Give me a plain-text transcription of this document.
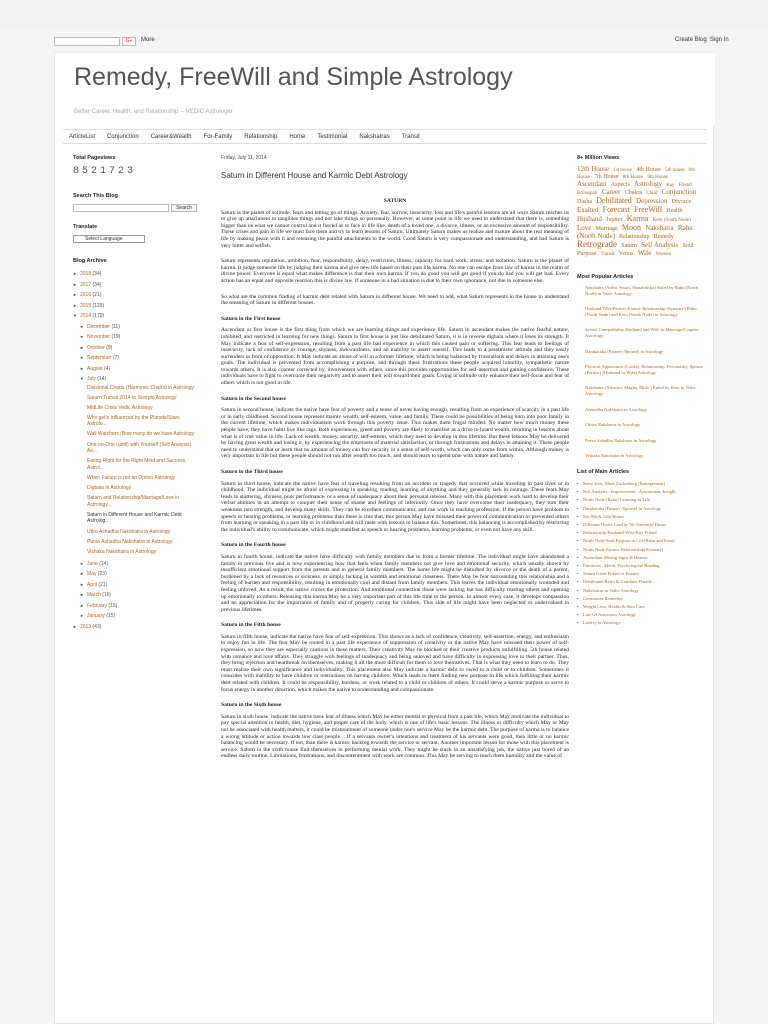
G+	More	Create Blog Sign In
Remedy, FreeWill and Simple Astrology
Better Career, Health, and Relationship -- VEDIC Astrologer
ArticleList	Conjunction	Career&Wealth	For-Family	Relationship	Home	Testimonial	Nakshatras	Transit
Total Pageviews
8521723
Search This Blog
Search
Translate
Select Language
Blog Archive
► 2018 (34)
► 2017 (34)
► 2016 (21)
► 2015 (129)
▼ 2014 (179)
► December (11)
► November (19)
► October (9)
► September (7)
► August (4)
▼ July (14)
Divisional Charts (Harmonic Charts) in Astrology
Saturn Transit 2014 to Scorpio Astrology
MidLife Crisis Vedic Astrology
Who get's Influenced by the Planets/Stars Astrolo...
Wall Watchers (Bow many do we have Astrology
One-on-One (until) with Yourself (Self Analysis) As...
Eating Right for the Right Mind and Success Astrol...
When Failure is not an Option Astrology
Digbala in Astrology
Saturn and Relationship/Marriage/Love in Astrology...
Saturn in Different House and Karmic Debt Astrolog...
Uttra Ashadha Nakshatra in Astrology
Purva Ashadha Nakshatra in Astrology
Vishaka Nakshatra in Astrology
► June (14)
► May (23)
► April (21)
► March (16)
► February (16)
► January (15)
► 2013 (43)
Friday, July 11, 2014
Saturn in Different House and Karmic Debt Astrology
SATURN

Saturn is the planet of solitude, fears and letting go of things. Anxiety, fear, sorrow, insecurity, loss and life's painful lessons are all ways Saturn teaches us to give up attachment to tangibles things and not take things so personally. However, at some point in life we need to understand that there is, something bigger than us what we cannot control and it forced us to face in life like, death of a loved one, a divorce, illness, or an excessive amount of responsibility. These crises and pain in life we must face them and try to learn lessons of Saturn. Ultimately Saturn makes us realize and mature about the real meaning of life by making peace with it and releasing the painful attachments to the world. Good Saturn is very compassionate and understanding, and bad Saturn is very bitter and selfish.

Saturn represents reputation, ambition, fear, responsibility, delay, restriction, illness, capacity for hard work, stress, and isolation. Saturn is the planet of karma. It judge someone life by judging their karma and give new life based on their past life karma. No one can escape from law of karma in the realm of divine power. Everyone is equal what makes difference is that their own karma. If you do good you will get good if you do bad you will get bad. Every action has an equal and opposite reaction this is divine law. If someone in a bad situation is due to their own ignorance, not due to someone else.

So what are the common finding of karmic debt related with Saturn in different house. We need to add, what Saturn represents in the house to understand the meaning of Saturn in different houses.

Saturn in the First house

Ascendant or first house is the first thing from which we are learning things and experience life. Saturn in ascendant makes the native fearful nature, inhibited, and restricted in learning for new things. Saturn in first house is just like debilitated Saturn, it is in reverse dighala where it loses its strength. It May indicate a fear of self-expression, resulting from a past life bad experience in which this caused pain or suffering. This fear leads to feelings of insecurity, lack of confidence or courage, shyness, awkwardness, and an inability to assert oneself. This leads to a pessimistic attitude and they easily surrenders in front of opposition. It May indicate an abuse of will in a former lifetime, which is being balanced by frustrations and delays in attaining one's goals. The individual is prevented from accomplishing a purpose, and through these frustrations these people acquired humility, sympathetic nature towards others. It is also counter corrected by, involvement with others, since this provides opportunities for self-assertion and gaining confidence. These individuals have to fight to overcome their negativity and to assert their will toward their goals. Living in solitude only enhance their self-focus and fear of others which is not good in life.

Saturn in the Second house

Saturn in second house, indicate the native have fear of poverty and a sense of never having enough, resulting from an experience of scarcity in a past life or in early childhood. Second house represent mainly wealth, self-esteem, value, and family. There could be possibilities of being born into poor family in the current lifetime, which makes individualism work through this poverty issue. This makes them frugal minded. No matter how much money these people have, they have habit live like rags. Both experiences, greed and poverty are likely to manifest as a drive to hoard wealth, resulting in lessons about what is of true value in life. Lack of wealth, money, security, self-esteem, which they need to develop in this lifetime. But these lessons May be delivered by having great wealth and losing it, by experiencing the emptiness of material satisfaction, or through frustrations and delays in attaining it. These people need to understand that or learn that no amount of money can buy security or a sense of self-worth, which can only come from within. Although money is very important in life but these people should not run after wealth too much, and should learn to spend time with nature and family.

Saturn in the Third house

Saturn in third house, indicate the native have fear of traveling resulting from an accident or tragedy that occurred while traveling in past lives or in childhood. The individual might be afraid of expressing in speaking, reading, learning of anything and they generally lack in courage. These fears May leads to stuttering, shyness, poor performance, or a sense of inadequacy about their personal interest. Many with this placement work hard to develop their verbal abilities in an attempt to conquer their sense of shame and feelings of inferiority. Once they have overcome their inadequacy, they turn their weakness into strength, and develop many skills. They can be excellent communicator, and can work in teaching profession. If the person have problem in speech or hearing problems, or learning problems than there is clue that, this person May have misused their power of communication or prevented others from learning or speaking in a past life or in childhood and will meet with lessons to balance this. Sometimes, this balancing is accomplished by restricting the individual's ability to communicate, which might manifest as speech or hearing problems, learning problems, or even not have any skill.

Saturn in the Fourth house

Saturn in fourth house, indicate the native have difficulty with family members due to from a former lifetime. The individual might have abandoned a family in previous live and is now experiencing how that feels when family members not give love and emotional security, which usually shown by insufficient emotional support from the parents and in general family members. The home life might be disturbed by divorce or the death of a parent, burdened by a lack of resources or sickness, or simply lacking in warmth and emotional closeness. There May be fear surrounding this relationship and a feeling of burden and responsibility, resulting in emotionally cool and distant from family members. This leaves the individual emotionally wounded and feeling unloved. As a result, the native craves the protection. And emotional connection those were lacking but has difficulty trusting others and opening up emotionally to others. Releasing this karma May be a very important part of this life time to the person. In almost every case, it develops compassion and an appreciation for the importance of family and of properly caring for children. This side of life might have been neglected or undervalued in previous lifetimes.

Saturn in the Fifth house

Saturn in fifth house, indicate the native have fear of self-expression. This shows as a lack of confidence, creativity, self-assertion, energy, and enthusiasm to enjoy fun in life. The fear May be rooted in a past life experience of suppression of creativity or the native May have misused their power of self-expression, so now they are especially cautious in these matters. Their creativity May be blocked or their creative products unfulfilling. 5th house related with romance and love affairs. They struggle with feelings of inadequacy and being unloved and have difficulty in expressing love to their partner. Thus, they bring rejection and heartbreak on themselves, making it all the more difficult for them to love themselves. That is what they need to learn to do. They must realize their own significance and individuality. This placement also May indicate a karmic debt to owed to a child or to children. Sometimes it coincides with inability to have children or restrictions on having children. Which leads to them finding new purpose in life which fulfilling their karmic debt related with children. It could be responsibility, burdens, or work related to a child or children of others. It could serve a karmic purpose or serve to focus energy in another direction, which makes the native to understanding and compassionate.

Saturn in the Sixth house

Saturn in sixth house, indicate the native have fear of illness which May be either mental or physical from a past life, which May motivate the individual to pay special attention to health, diet, hygiene, and proper care of the body, which is one of life's basic lessons. The illness or difficulty which May or May not be associated with health matters, it could be mistreatment of someone under one's service May be the karmic debt. The purpose of karma is to balance a wrong attitude or action towards low class people. . If a servants owner's intentions and treatment of his servants were good, then little or no karmic balancing would be necessary. If not, than there is karmic backlog towards the service or servant. Another important lesson for those with this placement is service. Saturn in the sixth house find themselves in performing menial work. They might be stuck in an unsatisfying job, the native just bored of an endless daily routine. Limitations, frustrations, and discontentment with work are common. This May be serving to teach them humility and the value of

8+ Million Views
12th House 1st house 4th House 5th house 6th House 7th House 8th House 9th House Ascendant Aspects Astrology Bay Friend Brihaspati Career Chakra Child Conjunction Dasha Debilitated Depression Divorce Exalted Forecast FreeWill Health Husband Jupiter Karma Ketu (South Node) Love Marriage Moon Nakshatra Rahu (North Node) Relationship Remedy Retrograde Saturn Self Analysis Soul Purpose Transit Venus Wife Women
Most Popular Articles
Nakshatra (Ardra, Swati, Shatabhisha) Ruled by Rahu (North Node) in Vedic Astrology
Husband/Wife/Partner Karmic Relationship (Synastry) Rahu (North Node) and Ketu (South Node) in Astrology
Sexual Compatibility Husband and Wife in Marriage/Couples Astrology
Darakaraka (Partner /Spouse) in Astrology
Physical Appearance (Looks), Relationship, Personality, Spouse (Partner) (Husband or Wife) Astrology
Nakshatra (Ashwini, Magha, Mula ) Ruled by Ketu in Vedic Astrology
Anuradha Nakshatra in Astrology
Chitra Nakshatra in Astrology
Purva Ashadha Nakshatra in Astrology
Vishaka Nakshatra in Astrology
List of Main Articles
• Steve Jobs, Mark Zuckerberg (Entrepreneur)
• Self Analysis , Improvement , Assessment, Insight
• North Node (Rahu) Learning in Life
• Darakaraka (Partner /Spouse) in Astrology
• 5th, 8th & 12th House
• Different House Lord in 7th (Seventh) House
• Relationship Husband-Wife-Boy Friend
• North Node Soul Purpose in Life(Rahu and Ketu)
• North Node Karmic Relationship(Synastry)
• Ascendant (Rising Sign) & Houses
• Emotions , Moon, Psychological Reading
• Saturn Great Friend or Enemy
• Debilitated Retro & Combust Planets
• Nakshatras in Vedic Astrology
• Gemstones Remedies
• Weight Loss, Health & Skin Care
• Law Of Attraction Astrology
• Lottery in Astrology
